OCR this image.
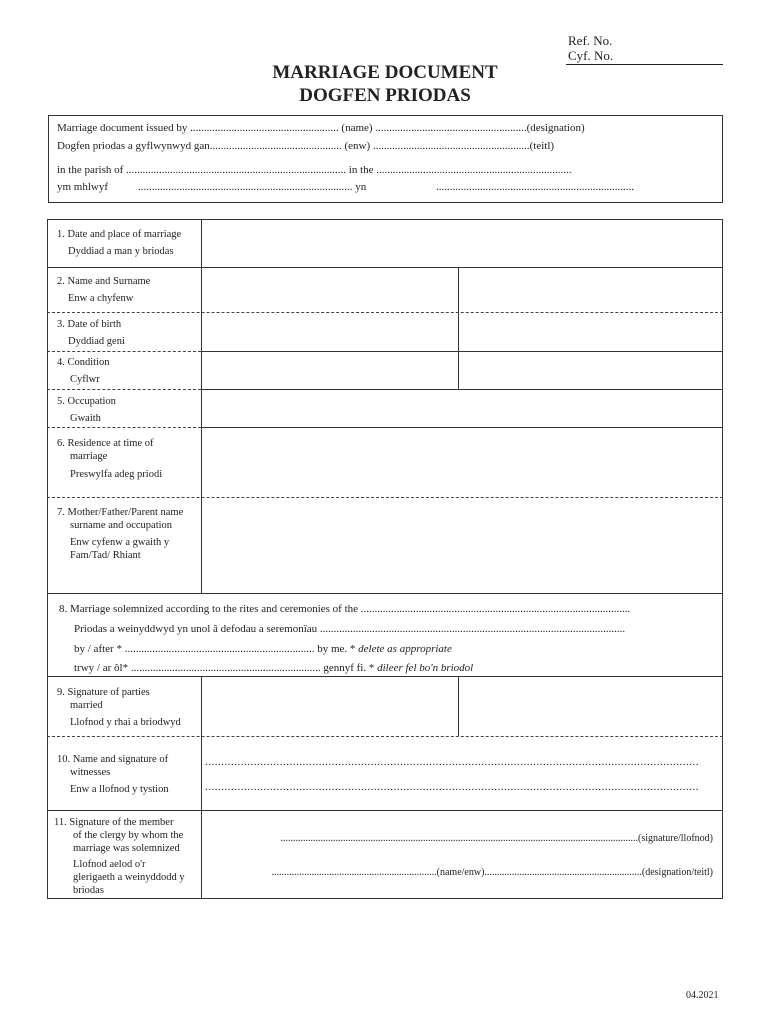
Ref. No.
Cyf. No.
MARRIAGE DOCUMENT
DOGFEN PRIODAS
Marriage document issued by ...................................................... (name) .......................................................(designation)
Dogfen priodas a gyflwynwyd gan................................................ (enw) .........................................................(teitl)
in the parish of ................................................................................ in the .......................................................................
ym mhlwyf	.............................................................................. yn	........................................................................
1. Date and place of marriage
Dyddiad a man y briodas
2. Name and Surname
Enw a chyfenw
3. Date of birth
Dyddiad geni
4. Condition
Cyflwr
5. Occupation
Gwaith
6. Residence at time of
marriage
Preswylfa adeg priodi
7. Mother/Father/Parent name
surname and occupation
Enw cyfenw a gwaith y
Fam/Tad/ Rhiant
8. Marriage solemnized according to the rites and ceremonies of the ..................................................................................................
Priodas a weinyddwyd yn unol â defodau a seremonïau ...............................................................................................................
by / after * ..................................................................... by me. * delete as appropriate
trwy / ar ôl* ..................................................................... gennyf fi. * dileer fel bo'n briodol
9. Signature of parties
married
Llofnod y rhai a briodwyd
10. Name and signature of
witnesses
Enw a llofnod y tystion
........................................................................................................................................................
........................................................................................................................................................
11. Signature of the member
of the clergy by whom the
marriage was solemnized
Llofnod aelod o'r
glerigaeth a weinyddodd y
briodas
...............................................................................................................................................(signature/llofnod)
..................................................................(name/enw)...............................................................(designation/teitl)
04.2021
